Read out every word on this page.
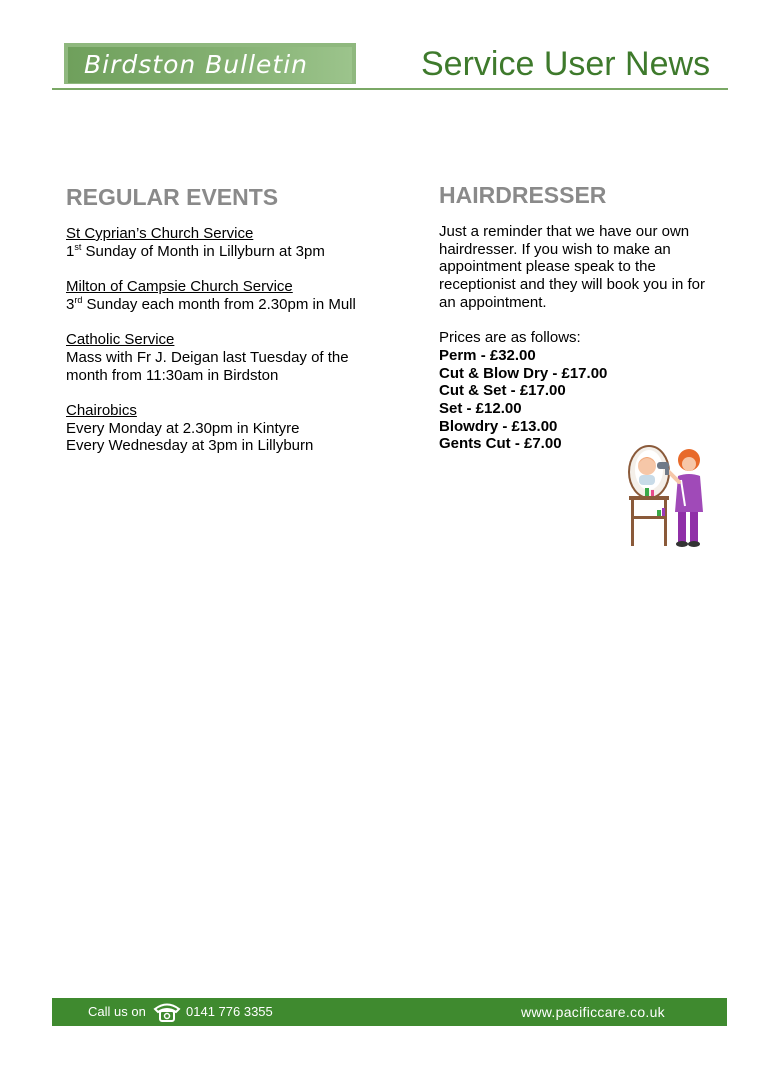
Birdston Bulletin	Service User News
REGULAR EVENTS
St Cyprian’s Church Service
1st Sunday of Month in Lillyburn at 3pm
Milton of Campsie Church Service
3rd Sunday each month from 2.30pm in Mull
Catholic Service
Mass with Fr J. Deigan last Tuesday of the
month from 11:30am in Birdston
Chairobics
Every Monday at 2.30pm in Kintyre
Every Wednesday at 3pm in Lillyburn
HAIRDRESSER
Just a reminder that we have our own
hairdresser. If you wish to make an
appointment please speak to the
receptionist and they will book you in for
an appointment.
Prices are as follows:
Perm - £32.00
Cut & Blow Dry - £17.00
Cut & Set - £17.00
Set - £12.00
Blowdry - £13.00
Gents Cut - £7.00
Call us on	0141 776 3355	www.pacificcare.co.uk
